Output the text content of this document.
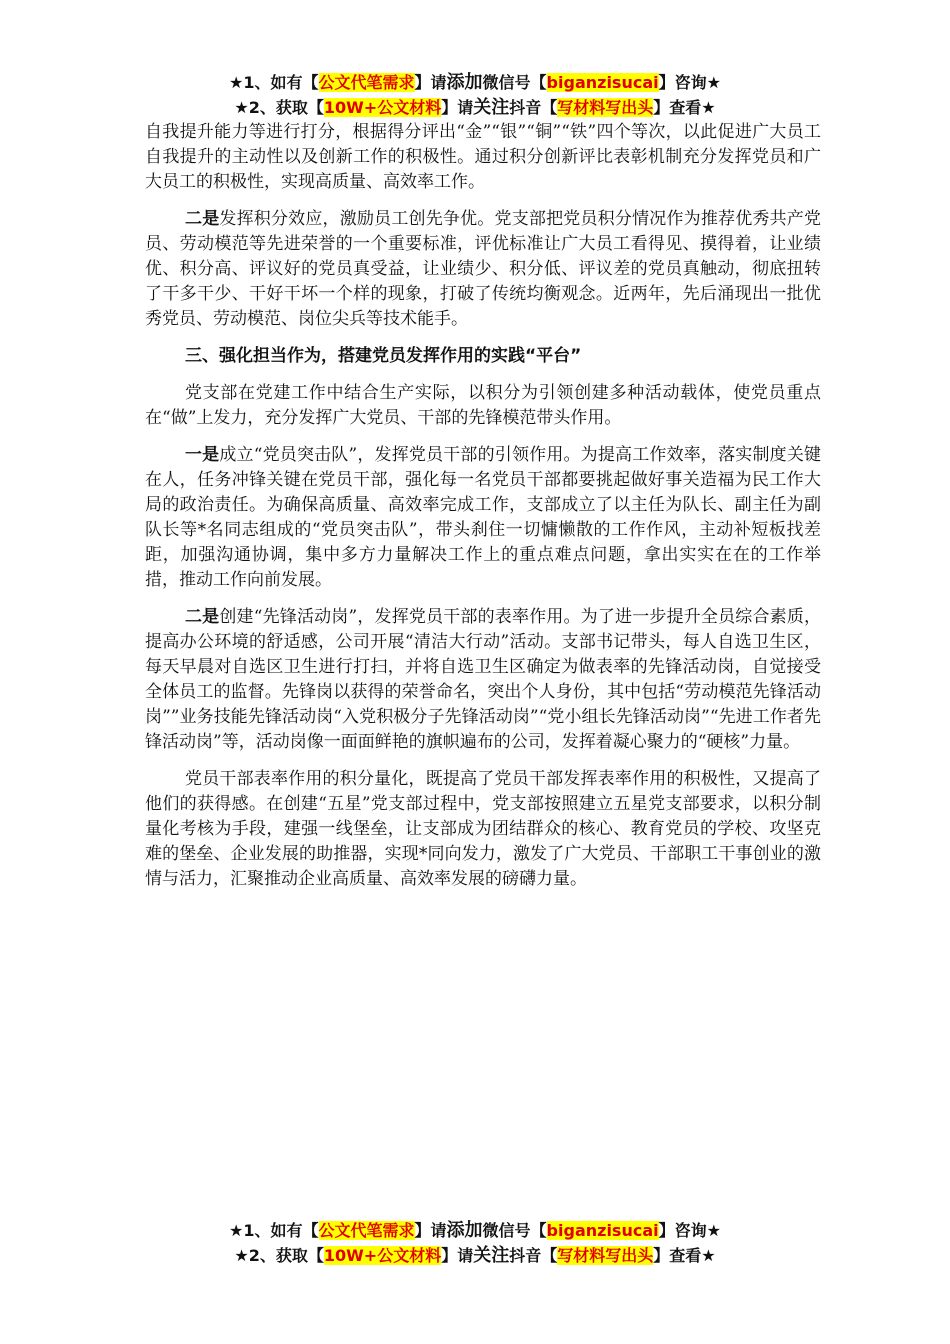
★1、如有【公文代笔需求】请添加微信号【biganzisucai】咨询★
★2、获取【10W+公文材料】请关注抖音【写材料写出头】查看★

自我提升能力等进行打分，根据得分评出“金”“银”“铜”“铁”四个等次，以此促进广大员工自我提升的主动性以及创新工作的积极性。通过积分创新评比表彰机制充分发挥党员和广大员工的积极性，实现高质量、高效率工作。

二是发挥积分效应，激励员工创先争优。党支部把党员积分情况作为推荐优秀共产党员、劳动模范等先进荣誉的一个重要标准，评优标准让广大员工看得见、摸得着，让业绩优、积分高、评议好的党员真受益，让业绩少、积分低、评议差的党员真触动，彻底扭转了干多干少、干好干坏一个样的现象，打破了传统均衡观念。近两年，先后涌现出一批优秀党员、劳动模范、岗位尖兵等技术能手。

三、强化担当作为，搭建党员发挥作用的实践“平台”

党支部在党建工作中结合生产实际，以积分为引领创建多种活动载体，使党员重点在“做”上发力，充分发挥广大党员、干部的先锋模范带头作用。

一是成立“党员突击队”，发挥党员干部的引领作用。为提高工作效率，落实制度关键在人，任务冲锋关键在党员干部，强化每一名党员干部都要挑起做好事关造福为民工作大局的政治责任。为确保高质量、高效率完成工作，支部成立了以主任为队长、副主任为副队长等*名同志组成的“党员突击队”，带头刹住一切慵懒散的工作作风，主动补短板找差距，加强沟通协调，集中多方力量解决工作上的重点难点问题，拿出实实在在的工作举措，推动工作向前发展。

二是创建“先锋活动岗”，发挥党员干部的表率作用。为了进一步提升全员综合素质，提高办公环境的舒适感，公司开展“清洁大行动”活动。支部书记带头，每人自选卫生区，每天早晨对自选区卫生进行打扫，并将自选卫生区确定为做表率的先锋活动岗，自觉接受全体员工的监督。先锋岗以获得的荣誉命名，突出个人身份，其中包括“劳动模范先锋活动岗””业务技能先锋活动岗“入党积极分子先锋活动岗”“党小组长先锋活动岗”“先进工作者先锋活动岗”等，活动岗像一面面鲜艳的旗帜遍布的公司，发挥着凝心聚力的“硬核”力量。

党员干部表率作用的积分量化，既提高了党员干部发挥表率作用的积极性，又提高了他们的获得感。在创建“五星”党支部过程中，党支部按照建立五星党支部要求，以积分制量化考核为手段，建强一线堡垒，让支部成为团结群众的核心、教育党员的学校、攻坚克难的堡垒、企业发展的助推器，实现*同向发力，激发了广大党员、干部职工干事创业的激情与活力，汇聚推动企业高质量、高效率发展的磅礴力量。

★1、如有【公文代笔需求】请添加微信号【biganzisucai】咨询★
★2、获取【10W+公文材料】请关注抖音【写材料写出头】查看★
